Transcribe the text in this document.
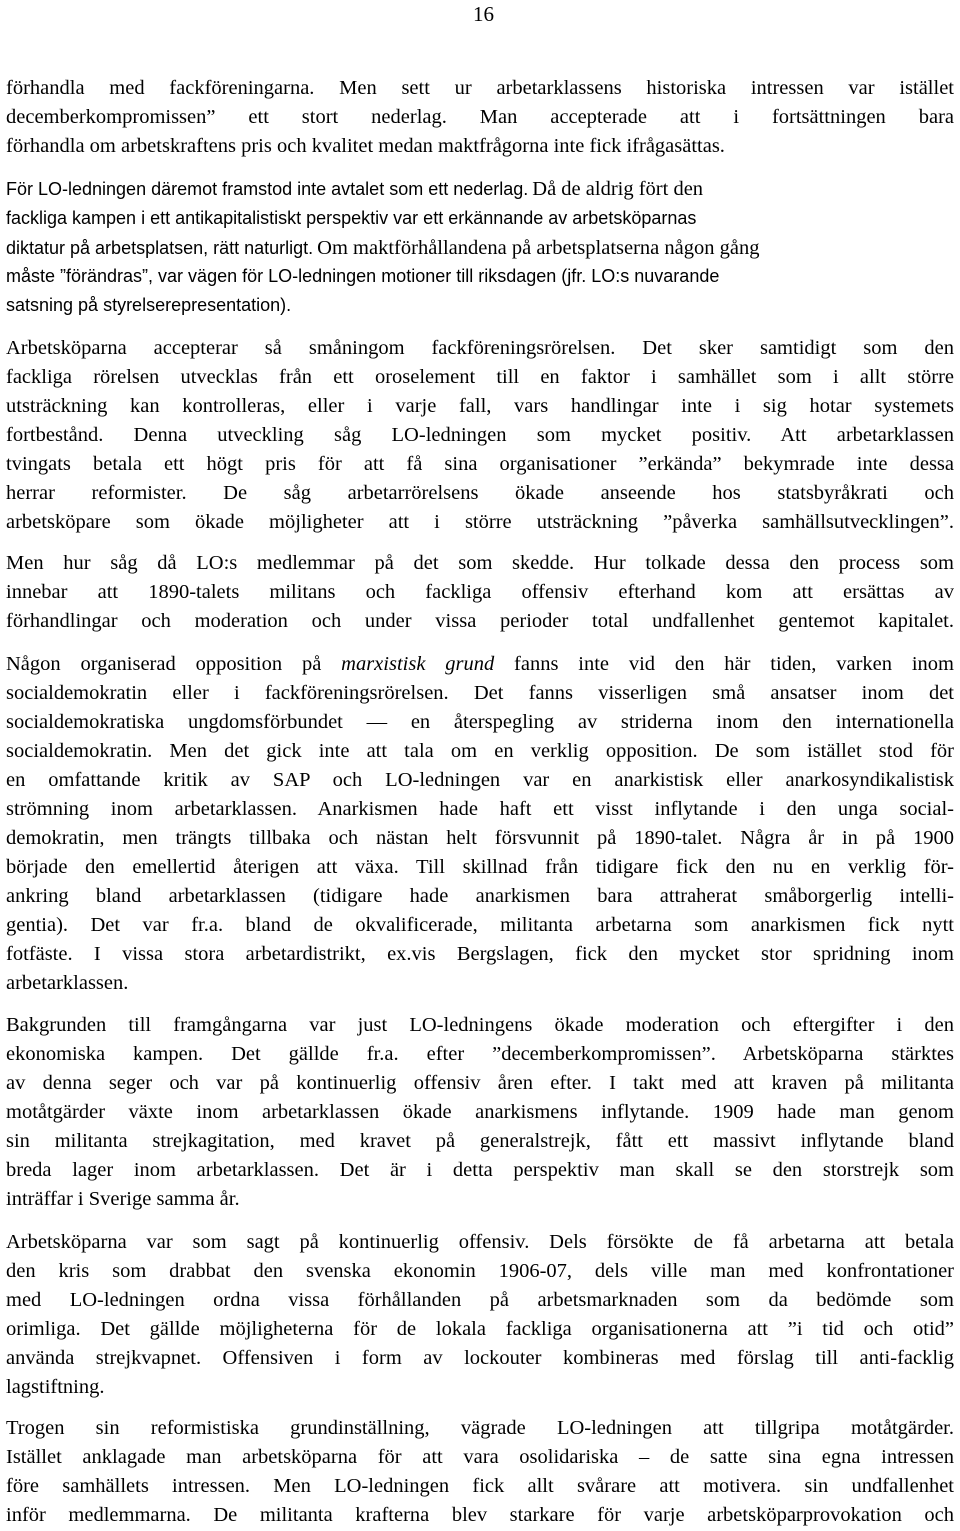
16
förhandla med fackföreningarna. Men sett ur arbetarklassens historiska intressen var istället
decemberkompromissen” ett stort nederlag. Man accepterade att i fortsättningen bara
förhandla om arbetskraftens pris och kvalitet medan maktfrågorna inte fick ifrågasättas.
För LO-ledningen däremot framstod inte avtalet som ett nederlag. Då de aldrig fört den
fackliga kampen i ett antikapitalistiskt perspektiv var ett erkännande av arbetsköparnas
diktatur på arbetsplatsen, rätt naturligt. Om maktförhållandena på arbetsplatserna någon gång
måste ”förändras”, var vägen för LO-ledningen motioner till riksdagen (jfr. LO:s nuvarande
satsning på styrelserepresentation).
Arbetsköparna accepterar så småningom fackföreningsrörelsen. Det sker samtidigt som den
fackliga rörelsen utvecklas från ett oroselement till en faktor i samhället som i allt större
utsträckning kan kontrolleras, eller i varje fall, vars handlingar inte i sig hotar systemets
fortbestånd. Denna utveckling såg LO-ledningen som mycket positiv. Att arbetarklassen
tvingats betala ett högt pris för att få sina organisationer ”erkända” bekymrade inte dessa
herrar reformister. De såg arbetarrörelsens ökade anseende hos statsbyråkrati och
arbetsköpare som ökade möjligheter att i större utsträckning ”påverka samhällsutvecklingen”.
Men hur såg då LO:s medlemmar på det som skedde. Hur tolkade dessa den process som
innebar att 1890-talets militans och fackliga offensiv efterhand kom att ersättas av
förhandlingar och moderation och under vissa perioder total undfallenhet gentemot kapitalet.
Någon organiserad opposition på marxistisk grund fanns inte vid den här tiden, varken inom
socialdemokratin eller i fackföreningsrörelsen. Det fanns visserligen små ansatser inom det
socialdemokratiska ungdomsförbundet — en återspegling av striderna inom den internationella
socialdemokratin. Men det gick inte att tala om en verklig opposition. De som istället stod för
en omfattande kritik av SAP och LO-ledningen var en anarkistisk eller anarkosyndikalistisk
strömning inom arbetarklassen. Anarkismen hade haft ett visst inflytande i den unga social-
demokratin, men trängts tillbaka och nästan helt försvunnit på 1890-talet. Några år in på 1900
började den emellertid återigen att växa. Till skillnad från tidigare fick den nu en verklig för-
ankring bland arbetarklassen (tidigare hade anarkismen bara attraherat småborgerlig intelli-
gentia). Det var fr.a. bland de okvalificerade, militanta arbetarna som anarkismen fick nytt
fotfäste. I vissa stora arbetardistrikt, ex.vis Bergslagen, fick den mycket stor spridning inom
arbetarklassen.
Bakgrunden till framgångarna var just LO-ledningens ökade moderation och eftergifter i den
ekonomiska kampen. Det gällde fr.a. efter ”decemberkompromissen”. Arbetsköparna stärktes
av denna seger och var på kontinuerlig offensiv åren efter. I takt med att kraven på militanta
motåtgärder växte inom arbetarklassen ökade anarkismens inflytande. 1909 hade man genom
sin militanta strejkagitation, med kravet på generalstrejk, fått ett massivt inflytande bland
breda lager inom arbetarklassen. Det är i detta perspektiv man skall se den storstrejk som
inträffar i Sverige samma år.
Arbetsköparna var som sagt på kontinuerlig offensiv. Dels försökte de få arbetarna att betala
den kris som drabbat den svenska ekonomin 1906-07, dels ville man med konfrontationer
med LO-ledningen ordna vissa förhållanden på arbetsmarknaden som da bedömde som
orimliga. Det gällde möjligheterna för de lokala fackliga organisationerna att ”i tid och otid”
använda strejkvapnet. Offensiven i form av lockouter kombineras med förslag till anti-facklig
lagstiftning.
Trogen sin reformistiska grundinställning, vägrade LO-ledningen att tillgripa motåtgärder.
Istället anklagade man arbetsköparna för att vara osolidariska – de satte sina egna intressen
före samhällets intressen. Men LO-ledningen fick allt svårare att motivera. sin undfallenhet
inför medlemmarna. De militanta krafterna blev starkare för varje arbetsköparprovokation och
